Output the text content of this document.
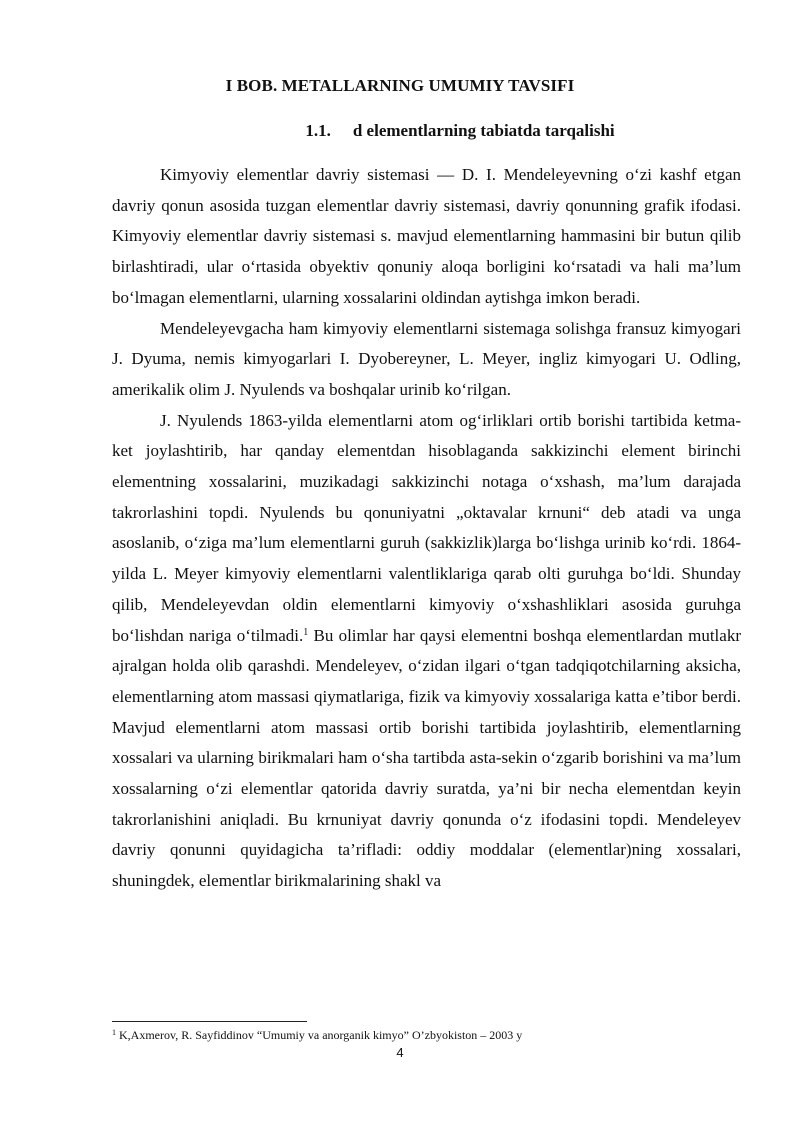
I BOB. METALLARNING UMUMIY TAVSIFI
1.1. d elementlarning tabiatda tarqalishi

Kimyoviy elementlar davriy sistemasi — D. I. Mendeleyevning o‘zi kashf etgan davriy qonun asosida tuzgan elementlar davriy sistemasi, davriy qonunning grafik ifodasi. Kimyoviy elementlar davriy sistemasi s. mavjud elementlarning hammasini bir butun qilib birlashtiradi, ular o‘rtasida obyektiv qonuniy aloqa borligini ko‘rsatadi va hali ma’lum bo‘lmagan elementlarni, ularning xossalarini oldindan aytishga imkon beradi.

Mendeleyevgacha ham kimyoviy elementlarni sistemaga solishga fransuz kimyogari J. Dyuma, nemis kimyogarlari I. Dyobereyner, L. Meyer, ingliz kimyogari U. Odling, amerikalik olim J. Nyulends va boshqalar urinib ko‘rilgan.

J. Nyulends 1863-yilda elementlarni atom og‘irliklari ortib borishi tartibida ketma-ket joylashtirib, har qanday elementdan hisoblaganda sakkizinchi element birinchi elementning xossalarini, muzikadagi sakkizinchi notaga o‘xshash, ma’lum darajada takrorlashini topdi. Nyulends bu qonuniyatni „oktavalar krnuni“ deb atadi va unga asoslanib, o‘ziga ma’lum elementlarni guruh (sakkizlik)larga bo‘lishga urinib ko‘rdi. 1864-yilda L. Meyer kimyoviy elementlarni valentliklariga qarab olti guruhga bo‘ldi. Shunday qilib, Mendeleyevdan oldin elementlarni kimyoviy o‘xshashliklari asosida guruhga bo‘lishdan nariga o‘tilmadi.$^1$ Bu olimlar har qaysi elementni boshqa elementlardan mutlakr ajralgan holda olib qarashdi. Mendeleyev, o‘zidan ilgari o‘tgan tadqiqotchilarning aksicha, elementlarning atom massasi qiymatlariga, fizik va kimyoviy xossalariga katta e’tibor berdi. Mavjud elementlarni atom massasi ortib borishi tartibida joylashtirib, elementlarning xossalari va ularning birikmalari ham o‘sha tartibda asta-sekin o‘zgarib borishini va ma’lum xossalarning o‘zi elementlar qatorida davriy suratda, ya’ni bir necha elementdan keyin takrorlanishini aniqladi. Bu krnuniyat davriy qonunda o‘z ifodasini topdi. Mendeleyev davriy qonunni quyidagicha ta’rifladi: oddiy moddalar (elementlar)ning xossalari, shuningdek, elementlar birikmalarining shakl va

$^1$ K,Axmerov, R. Sayfiddinov “Umumiy va anorganik kimyo” O’zbyokiston – 2003 y
4
